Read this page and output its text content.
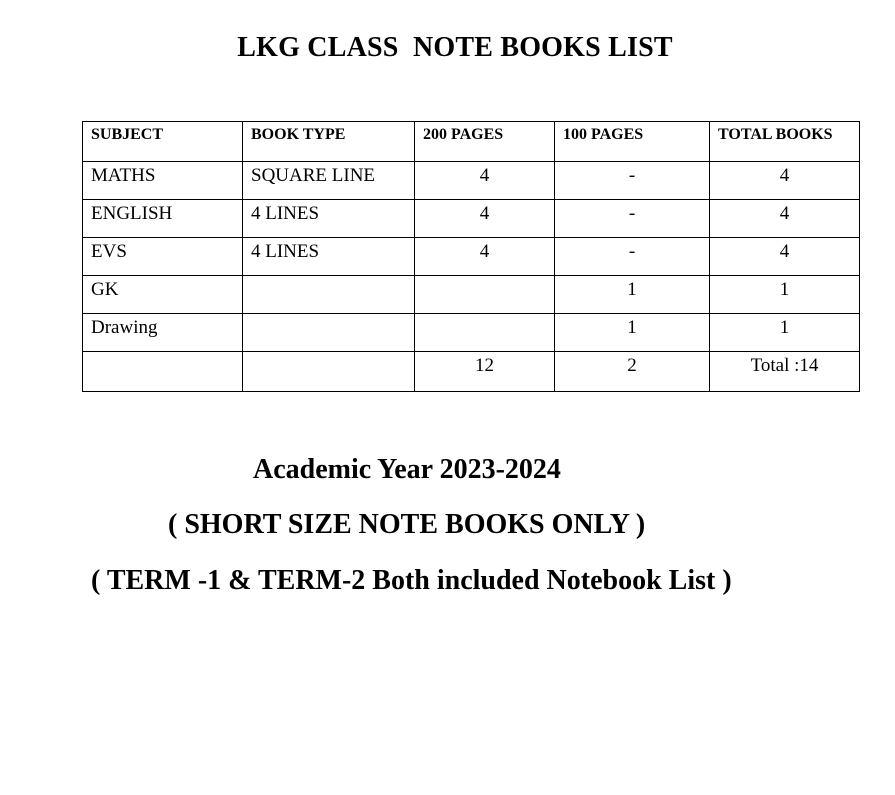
LKG CLASS  NOTE BOOKS LIST
SUBJECT	BOOK TYPE	200 PAGES	100 PAGES	TOTAL BOOKS
MATHS	SQUARE LINE	4	-	4
ENGLISH	4 LINES	4	-	4
EVS	4 LINES	4	-	4
GK			1	1
Drawing			1	1
		12	2	Total :14
Academic Year 2023-2024
( SHORT SIZE NOTE BOOKS ONLY )
( TERM -1 & TERM-2 Both included Notebook List )
